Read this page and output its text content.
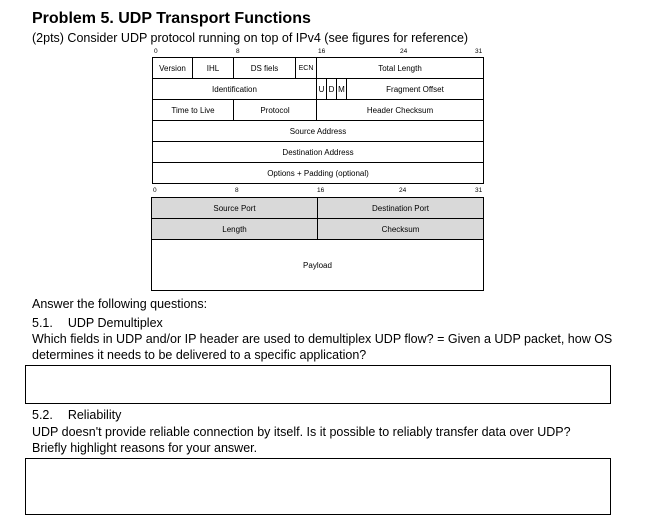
Problem 5. UDP Transport Functions
(2pts) Consider UDP protocol running on top of IPv4 (see figures for reference)
0	8	16	24	31
Version	IHL	DS fiels	ECN	Total Length
Identification	U D M	Fragment Offset
Time to Live	Protocol	Header Checksum
Source Address
Destination Address
Options + Padding (optional)
0	8	16	24	31
Source Port	Destination Port
Length	Checksum
Payload
Answer the following questions:
5.1. UDP Demultiplex
Which fields in UDP and/or IP header are used to demultiplex UDP flow? = Given a UDP packet, how OS
determines it needs to be delivered to a specific application?
5.2. Reliability
UDP doesn't provide reliable connection by itself. Is it possible to reliably transfer data over UDP?
Briefly highlight reasons for your answer.
